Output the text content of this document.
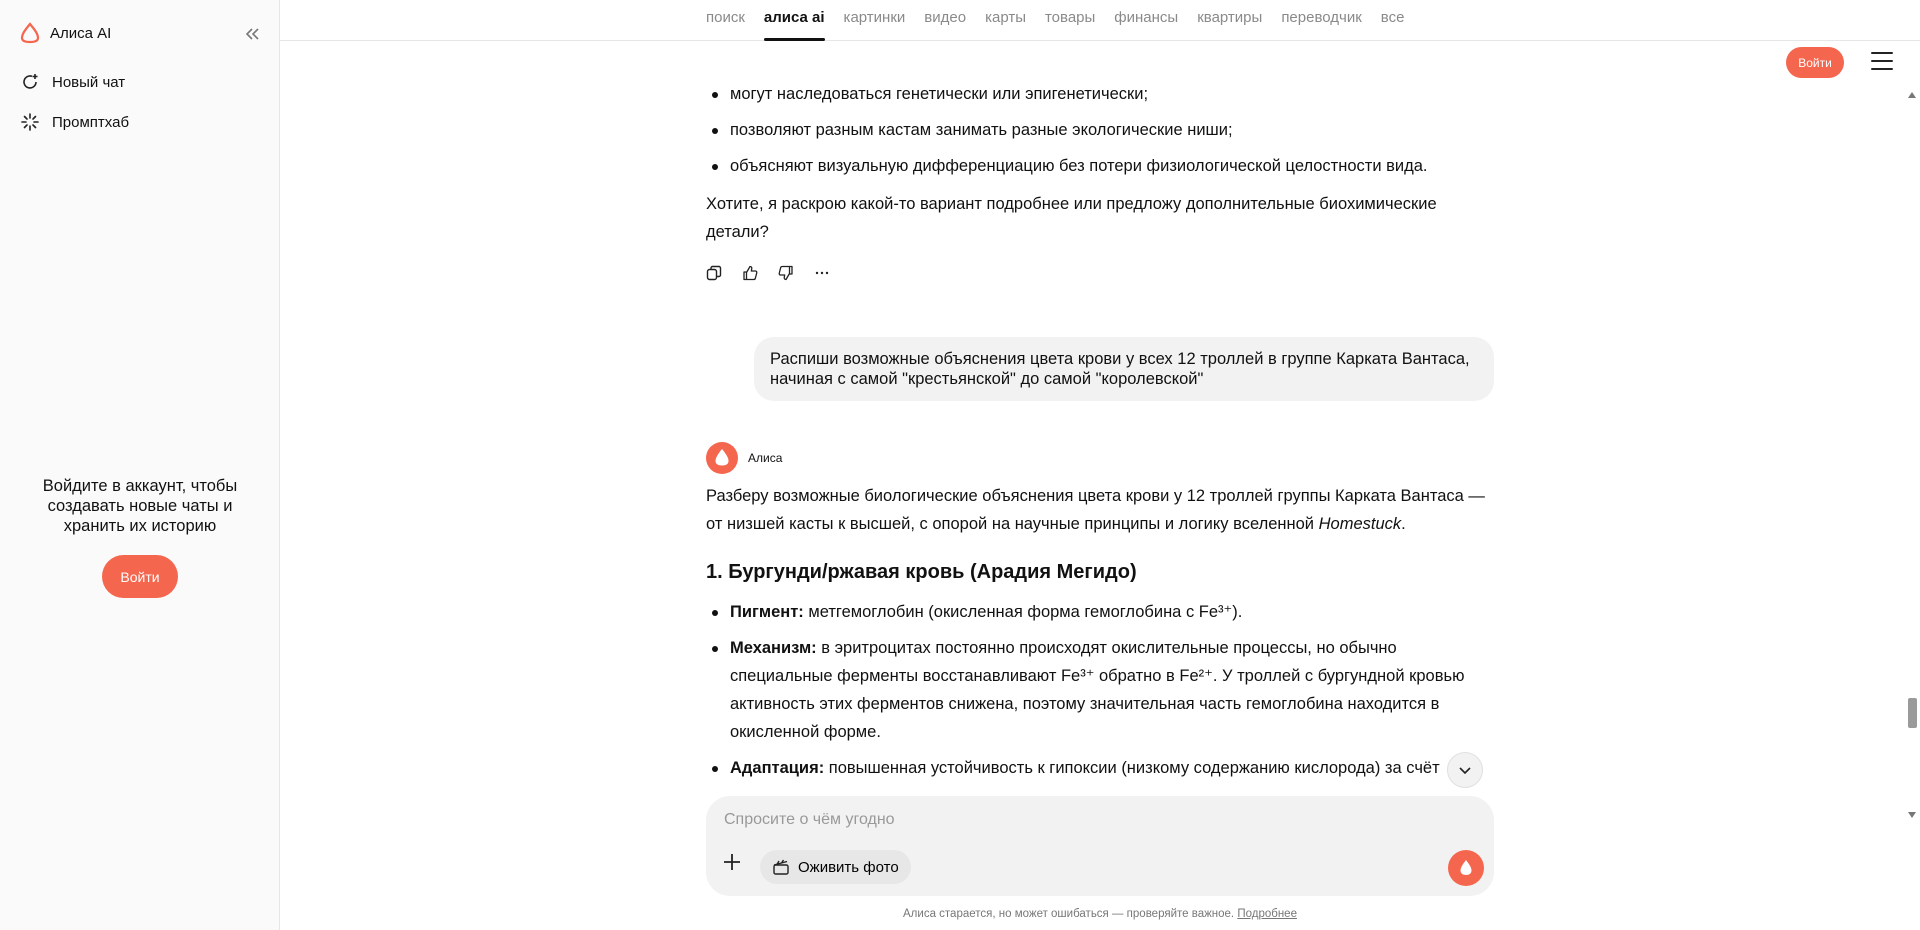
Алиса AI
Новый чат
Промптхаб
Войдите в аккаунт, чтобы создавать новые чаты и хранить их историю
Войти
поиск алиса ai картинки видео карты товары финансы квартиры переводчик все
Войти
могут наследоваться генетически или эпигенетически;
позволяют разным кастам занимать разные экологические ниши;
объясняют визуальную дифференциацию без потери физиологической целостности вида.

Хотите, я раскрою какой-то вариант подробнее или предложу дополнительные биохимические детали?

Распиши возможные объяснения цвета крови у всех 12 троллей в группе Карката Вантаса, начиная с самой "крестьянской" до самой "королевской"
Алиса

Разберу возможные биологические объяснения цвета крови у 12 троллей группы Карката Вантаса — от низшей касты к высшей, с опорой на научные принципы и логику вселенной Homestuck.

1. Бургунди/ржавая кровь (Арадия Мегидо)
Пигмент: метгемоглобин (окисленная форма гемоглобина с Fe³⁺).
Механизм: в эритроцитах постоянно происходят окислительные процессы, но обычно специальные ферменты восстанавливают Fe³⁺ обратно в Fe²⁺. У троллей с бургундной кровью активность этих ферментов снижена, поэтому значительная часть гемоглобина находится в окисленной форме.
Адаптация: повышенная устойчивость к гипоксии (низкому содержанию кислорода) за счёт
Спросите о чём угодно
Оживить фото
Алиса старается, но может ошибаться — проверяйте важное. Подробнее
